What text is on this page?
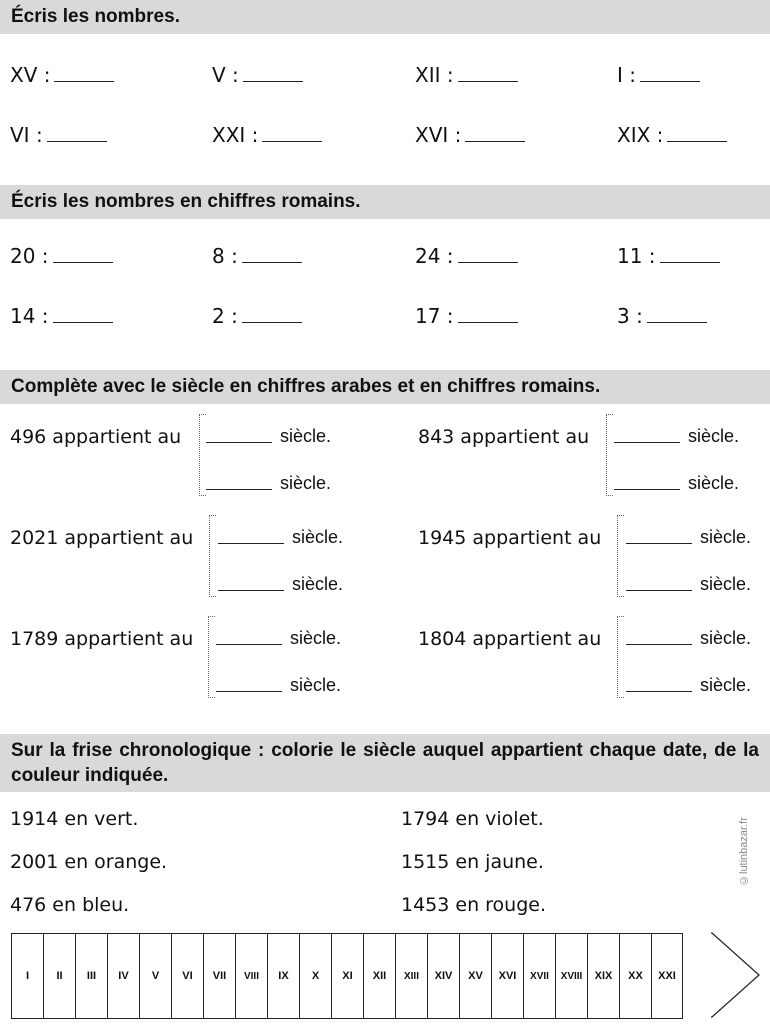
Écris les nombres.
XV :	V :	XII :	I :
VI :	XXI :	XVI :	XIX :
Écris les nombres en chiffres romains.
20 :	8 :	24 :	11 :
14 :	2 :	17 :	3 :
Complète avec le siècle en chiffres arabes et en chiffres romains.
496 appartient au	siècle.
siècle.
843 appartient au	siècle.
siècle.
2021 appartient au	siècle.
siècle.
1945 appartient au	siècle.
siècle.
1789 appartient au	siècle.
siècle.
1804 appartient au	siècle.
siècle.
Sur la frise chronologique : colorie le siècle auquel appartient chaque date, de la couleur indiquée.
1914 en vert.	1794 en violet.
2001 en orange.	1515 en jaune.
476 en bleu.	1453 en rouge.
©lutinbazar.fr
I	II	III	IV	V	VI	VII	VIII	IX	X	XI	XII	XIII	XIV	XV	XVI	XVII	XVIII	XIX	XX	XXI
